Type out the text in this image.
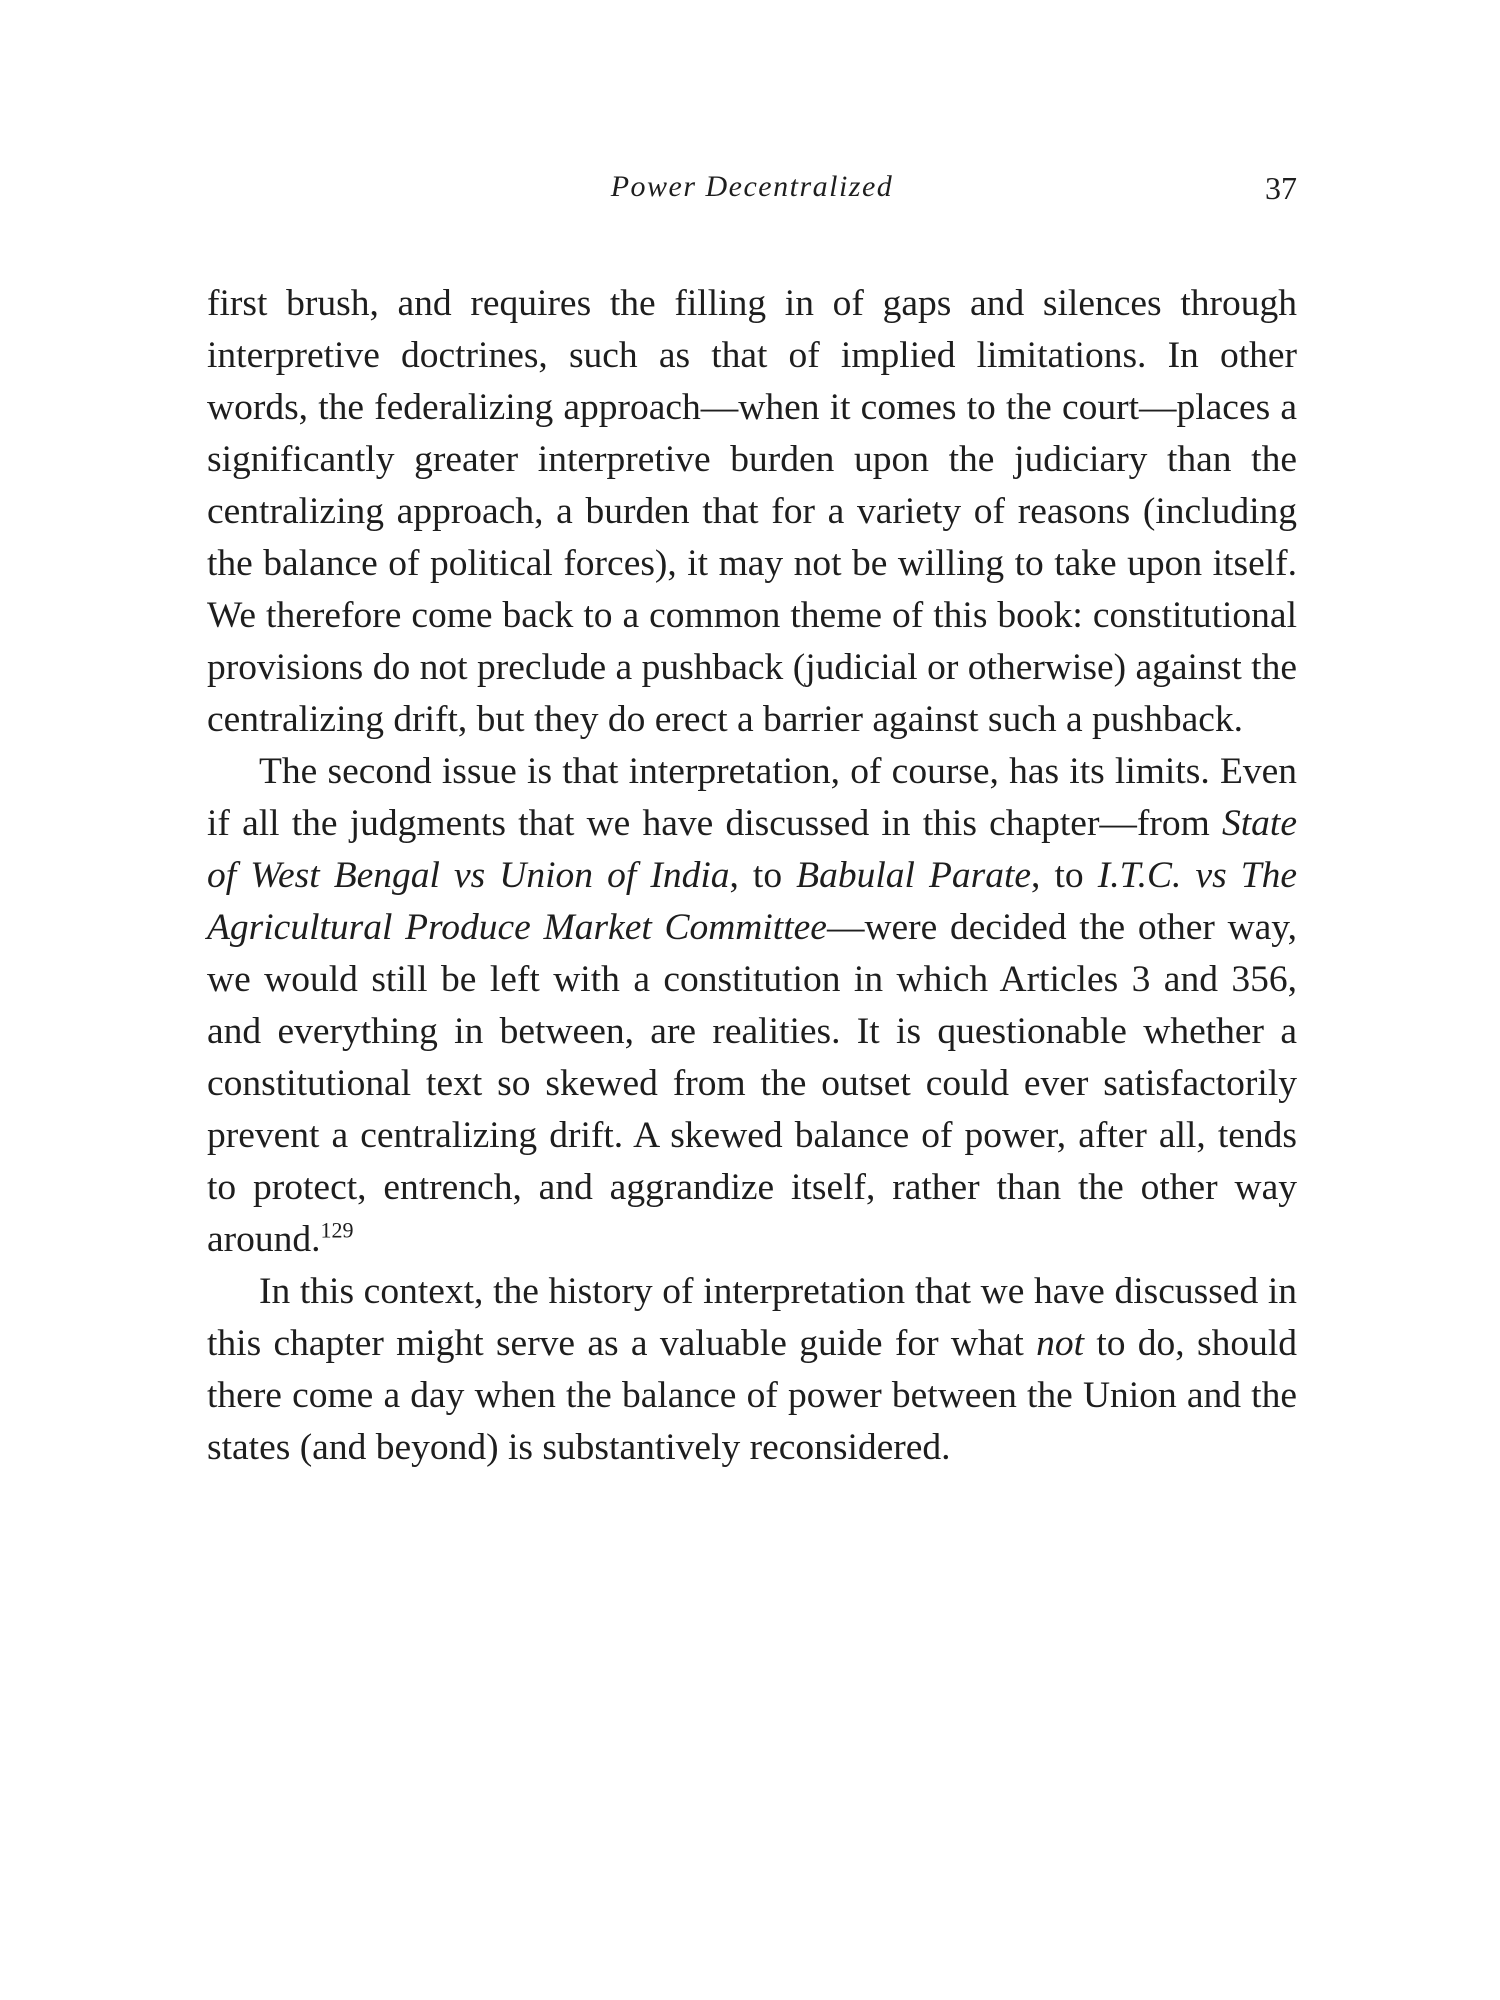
Power Decentralized	37

first brush, and requires the filling in of gaps and silences through interpretive doctrines, such as that of implied limitations. In other words, the federalizing approach—when it comes to the court—places a significantly greater interpretive burden upon the judiciary than the centralizing approach, a burden that for a variety of reasons (including the balance of political forces), it may not be willing to take upon itself. We therefore come back to a common theme of this book: constitutional provisions do not preclude a pushback (judicial or otherwise) against the centralizing drift, but they do erect a barrier against such a pushback.

The second issue is that interpretation, of course, has its limits. Even if all the judgments that we have discussed in this chapter—from State of West Bengal vs Union of India, to Babulal Parate, to I.T.C. vs The Agricultural Produce Market Committee—were decided the other way, we would still be left with a constitution in which Articles 3 and 356, and everything in between, are realities. It is questionable whether a constitutional text so skewed from the outset could ever satisfactorily prevent a centralizing drift. A skewed balance of power, after all, tends to protect, entrench, and aggrandize itself, rather than the other way around.$^{129}$

In this context, the history of interpretation that we have discussed in this chapter might serve as a valuable guide for what not to do, should there come a day when the balance of power between the Union and the states (and beyond) is substantively reconsidered.
